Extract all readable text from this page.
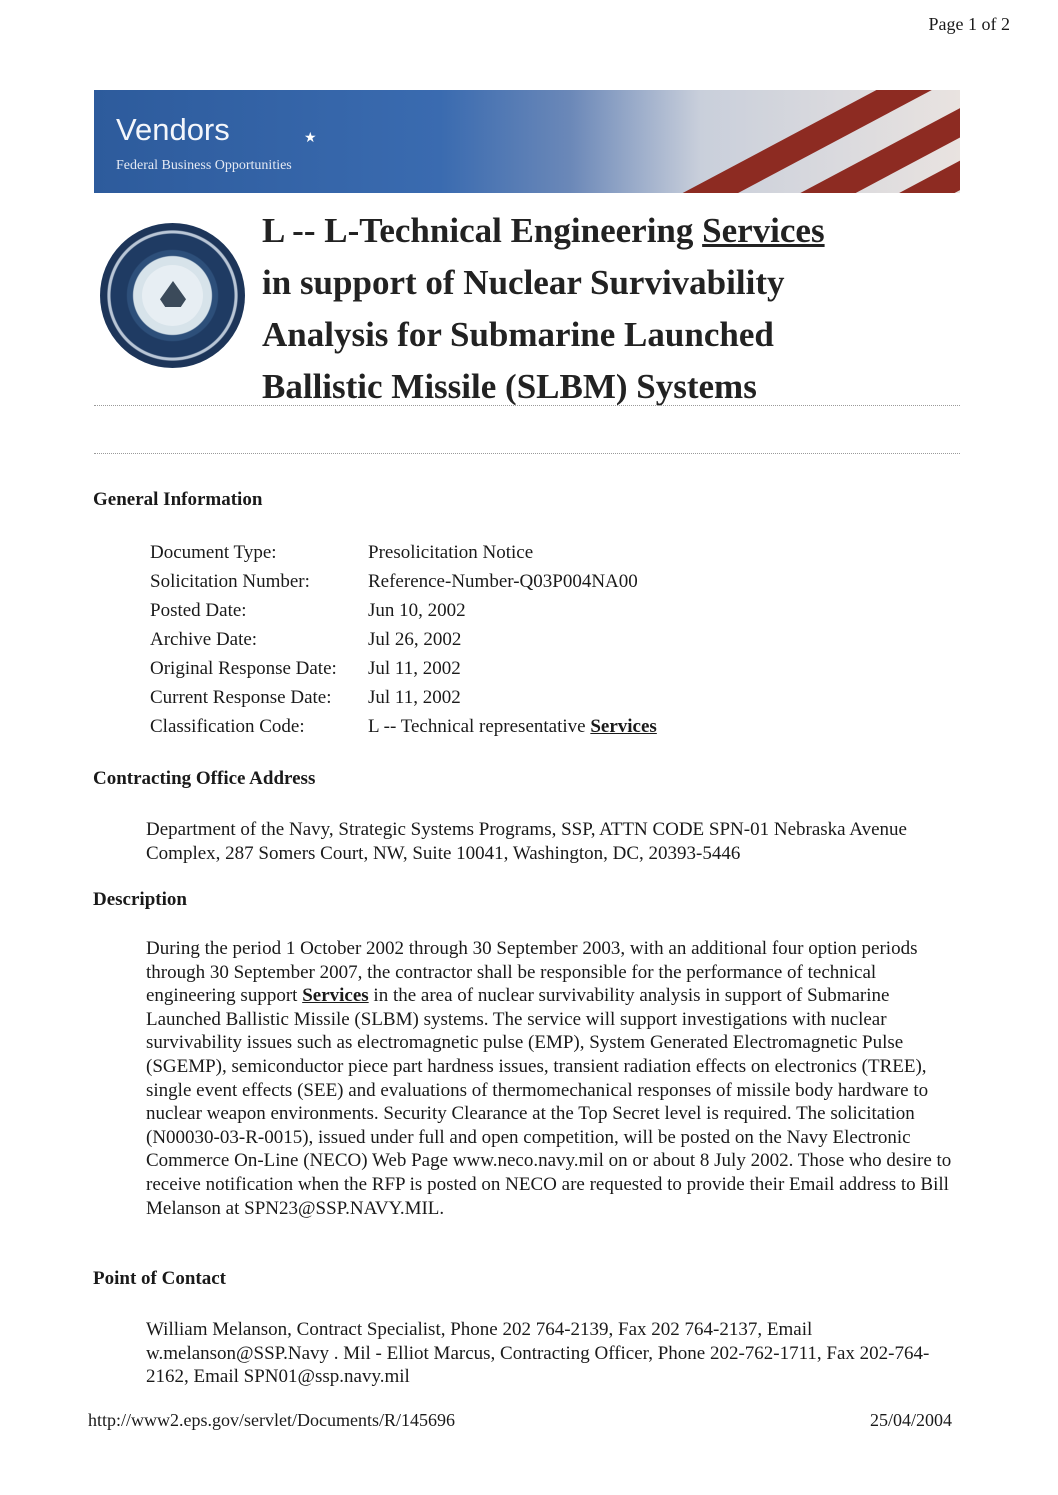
Page 1 of 2
Vendors	★
Federal Business Opportunities
L -- L-Technical Engineering Services
in support of Nuclear Survivability
Analysis for Submarine Launched
Ballistic Missile (SLBM) Systems
General Information
Document Type:	Presolicitation Notice
Solicitation Number:	Reference-Number-Q03P004NA00
Posted Date:	Jun 10, 2002
Archive Date:	Jul 26, 2002
Original Response Date:	Jul 11, 2002
Current Response Date:	Jul 11, 2002
Classification Code:	L -- Technical representative Services
Contracting Office Address
Department of the Navy, Strategic Systems Programs, SSP, ATTN CODE SPN-01 Nebraska Avenue Complex, 287 Somers Court, NW, Suite 10041, Washington, DC, 20393-5446
Description
During the period 1 October 2002 through 30 September 2003, with an additional four option periods through 30 September 2007, the contractor shall be responsible for the performance of technical engineering support Services in the area of nuclear survivability analysis in support of Submarine Launched Ballistic Missile (SLBM) systems. The service will support investigations with nuclear survivability issues such as electromagnetic pulse (EMP), System Generated Electromagnetic Pulse (SGEMP), semiconductor piece part hardness issues, transient radiation effects on electronics (TREE), single event effects (SEE) and evaluations of thermomechanical responses of missile body hardware to nuclear weapon environments. Security Clearance at the Top Secret level is required. The solicitation (N00030-03-R-0015), issued under full and open competition, will be posted on the Navy Electronic Commerce On-Line (NECO) Web Page www.neco.navy.mil on or about 8 July 2002. Those who desire to receive notification when the RFP is posted on NECO are requested to provide their Email address to Bill Melanson at SPN23@SSP.NAVY.MIL.
Point of Contact
William Melanson, Contract Specialist, Phone 202 764-2139, Fax 202 764-2137, Email w.melanson@SSP.Navy . Mil - Elliot Marcus, Contracting Officer, Phone 202-762-1711, Fax 202-764-2162, Email SPN01@ssp.navy.mil
http://www2.eps.gov/servlet/Documents/R/145696	25/04/2004
